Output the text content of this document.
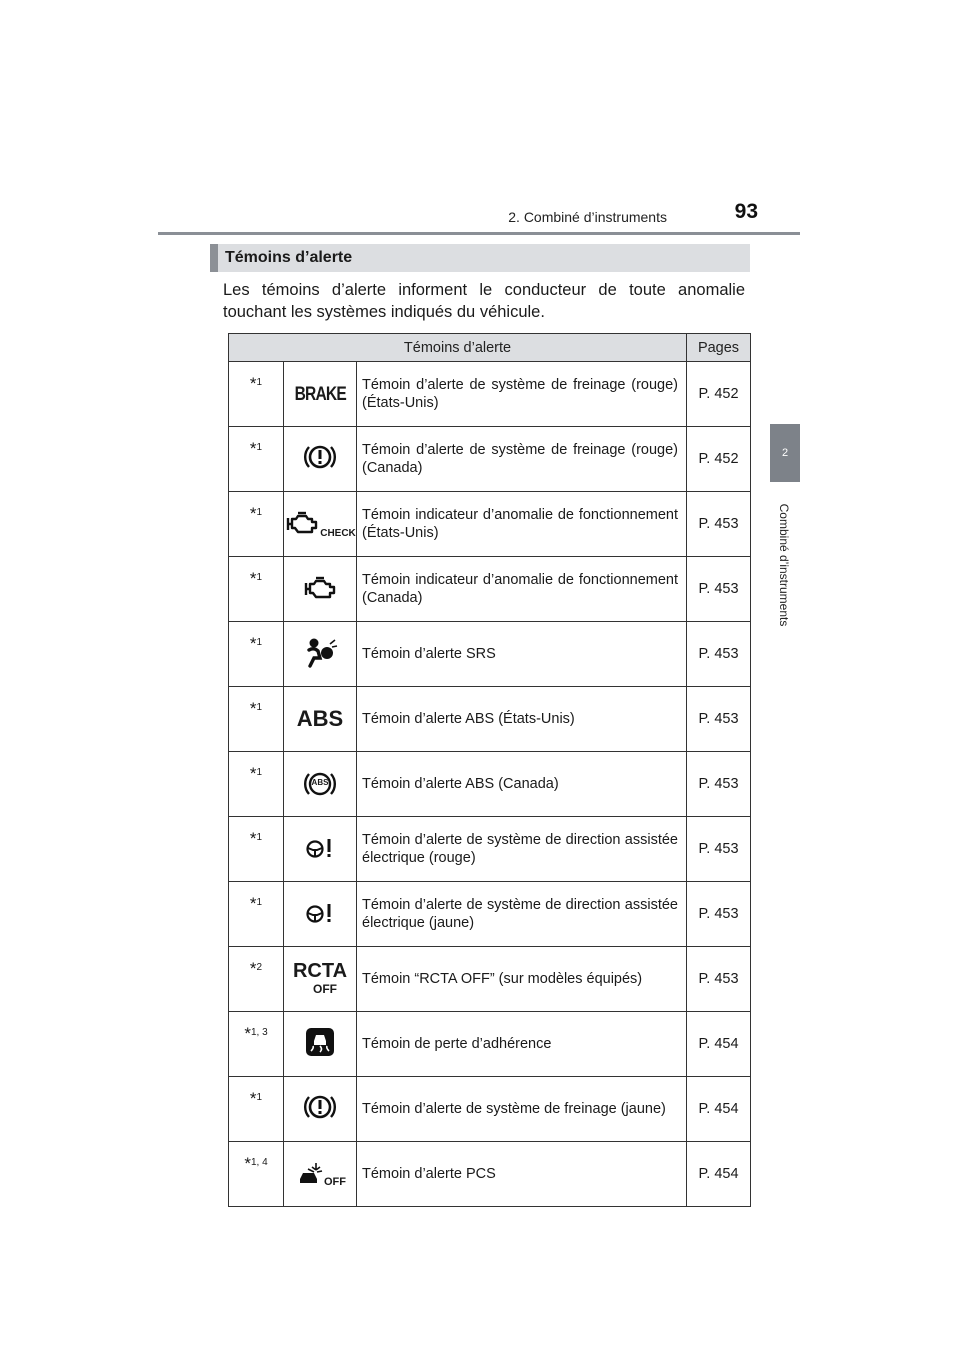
2. Combiné d’instruments	93
2
Combiné d’instruments
Témoins d’alerte
Les témoins d’alerte informent le conducteur de toute anomalie touchant les systèmes indiqués du véhicule.
Témoins d’alerte			Pages
*$^1$	BRAKE	Témoin d’alerte de système de freinage (rouge) (États-Unis)	P. 452
*$^1$		Témoin d’alerte de système de freinage (rouge) (Canada)	P. 452
*$^1$	CHECK	Témoin indicateur d’anomalie de fonctionnement (États-Unis)	P. 453
*$^1$		Témoin indicateur d’anomalie de fonctionnement (Canada)	P. 453
*$^1$		Témoin d’alerte SRS	P. 453
*$^1$	ABS	Témoin d’alerte ABS (États-Unis)	P. 453
*$^1$	ABS	Témoin d’alerte ABS (Canada)	P. 453
*$^1$		Témoin d’alerte de système de direction assistée électrique (rouge)	P. 453
*$^1$		Témoin d’alerte de système de direction assistée électrique (jaune)	P. 453
*$^2$	RCTAOFF	Témoin “RCTA OFF” (sur modèles équipés)	P. 453
*$^{1, 3}$		Témoin de perte d’adhérence	P. 454
*$^1$		Témoin d’alerte de système de freinage (jaune)	P. 454
*$^{1, 4}$	OFF	Témoin d’alerte PCS	P. 454
